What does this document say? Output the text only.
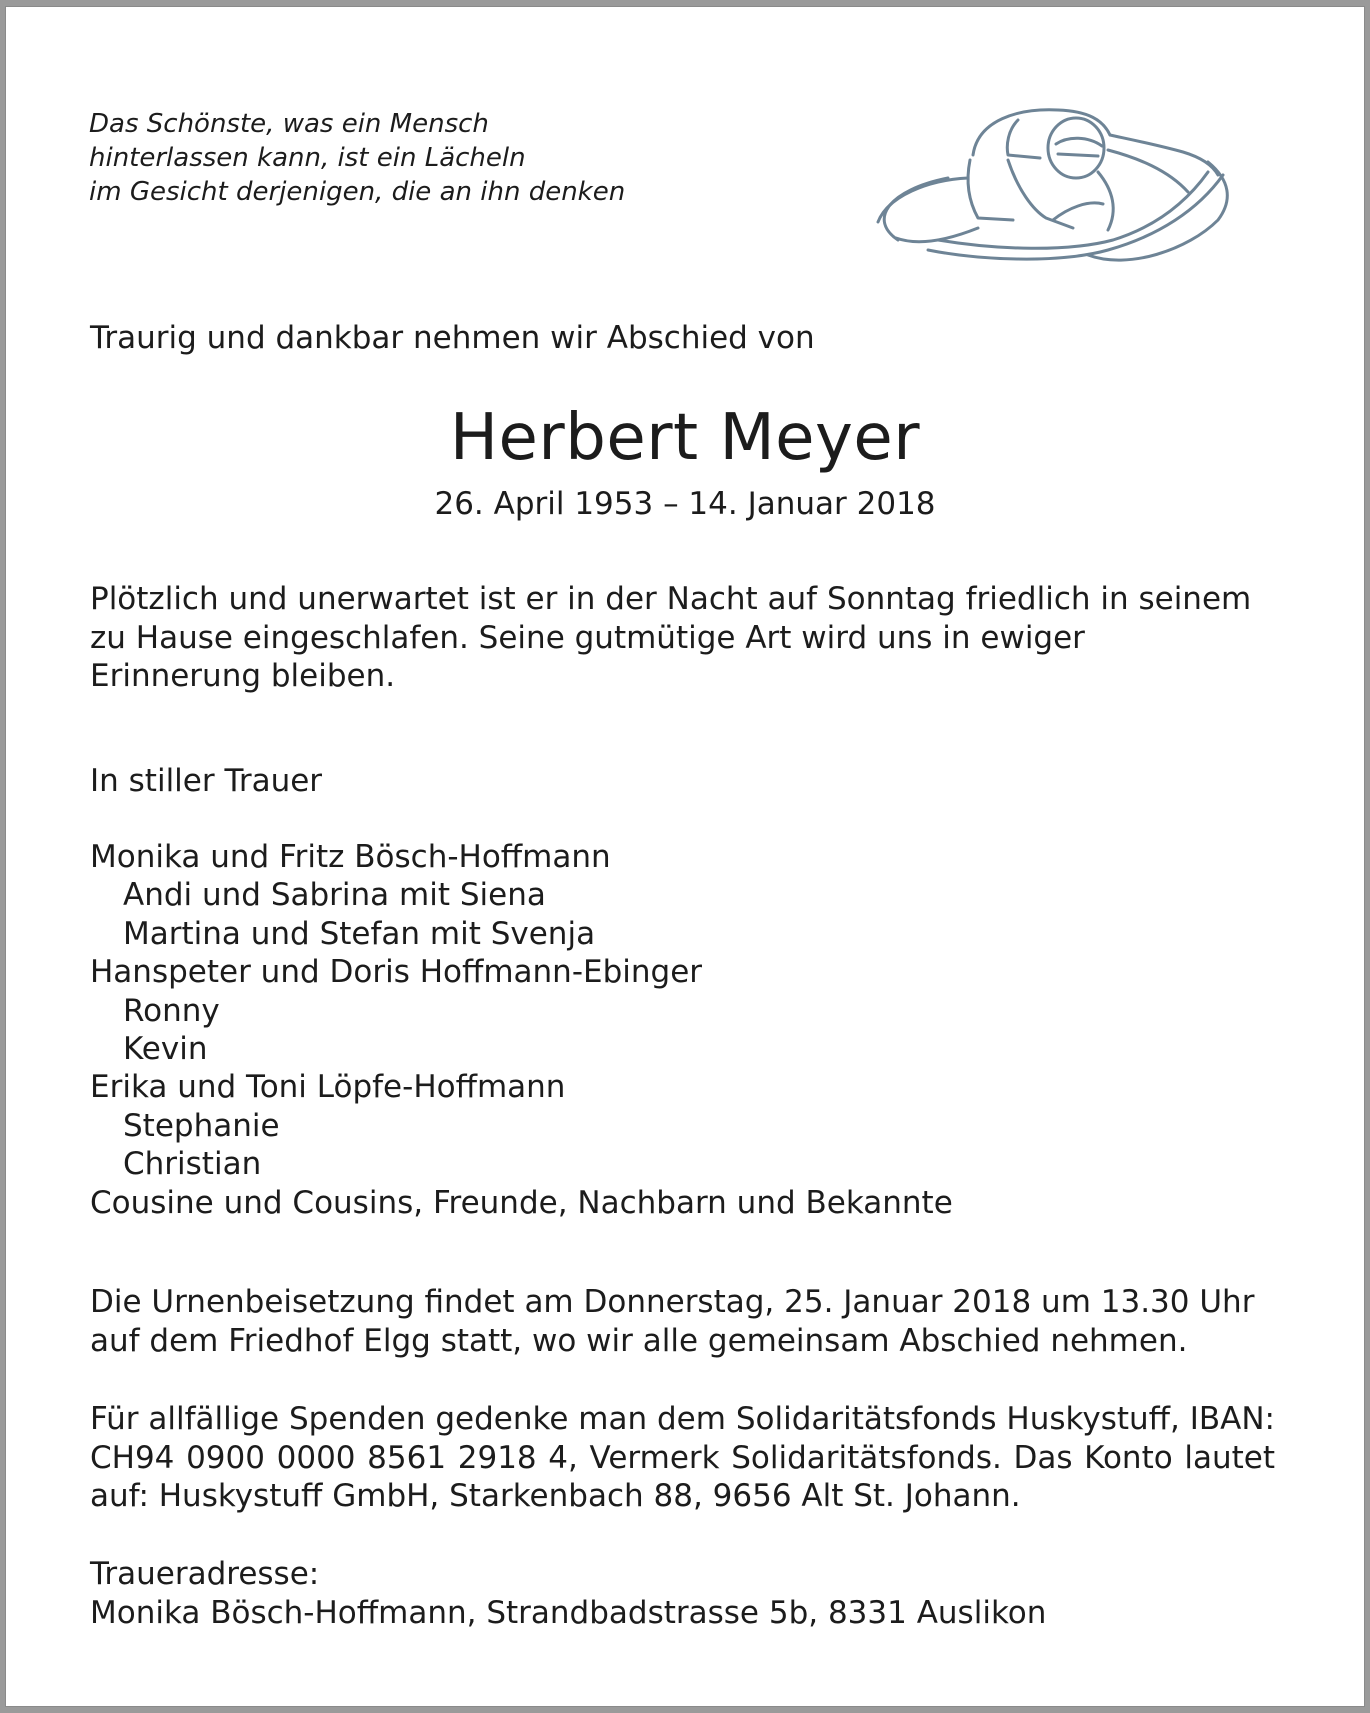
Das Schönste, was ein Mensch
hinterlassen kann, ist ein Lächeln
im Gesicht derjenigen, die an ihn denken
Traurig und dankbar nehmen wir Abschied von
Herbert Meyer
26. April 1953 – 14. Januar 2018
Plötzlich und unerwartet ist er in der Nacht auf Sonntag friedlich in seinem
zu Hause eingeschlafen. Seine gutmütige Art wird uns in ewiger
Erinnerung bleiben.
In stiller Trauer
Monika und Fritz Bösch-Hoffmann
Andi und Sabrina mit Siena
Martina und Stefan mit Svenja
Hanspeter und Doris Hoffmann-Ebinger
Ronny
Kevin
Erika und Toni Löpfe-Hoffmann
Stephanie
Christian
Cousine und Cousins, Freunde, Nachbarn und Bekannte
Die Urnenbeisetzung findet am Donnerstag, 25. Januar 2018 um 13.30 Uhr
auf dem Friedhof Elgg statt, wo wir alle gemeinsam Abschied nehmen.
Für allfällige Spenden gedenke man dem Solidaritätsfonds Huskystuff, IBAN: CH94 0900 0000 8561 2918 4, Vermerk Solidaritätsfonds. Das Konto lautet auf: Huskystuff GmbH, Starkenbach 88, 9656 Alt St. Johann.
Traueradresse:
Monika Bösch-Hoffmann, Strandbadstrasse 5b, 8331 Auslikon
